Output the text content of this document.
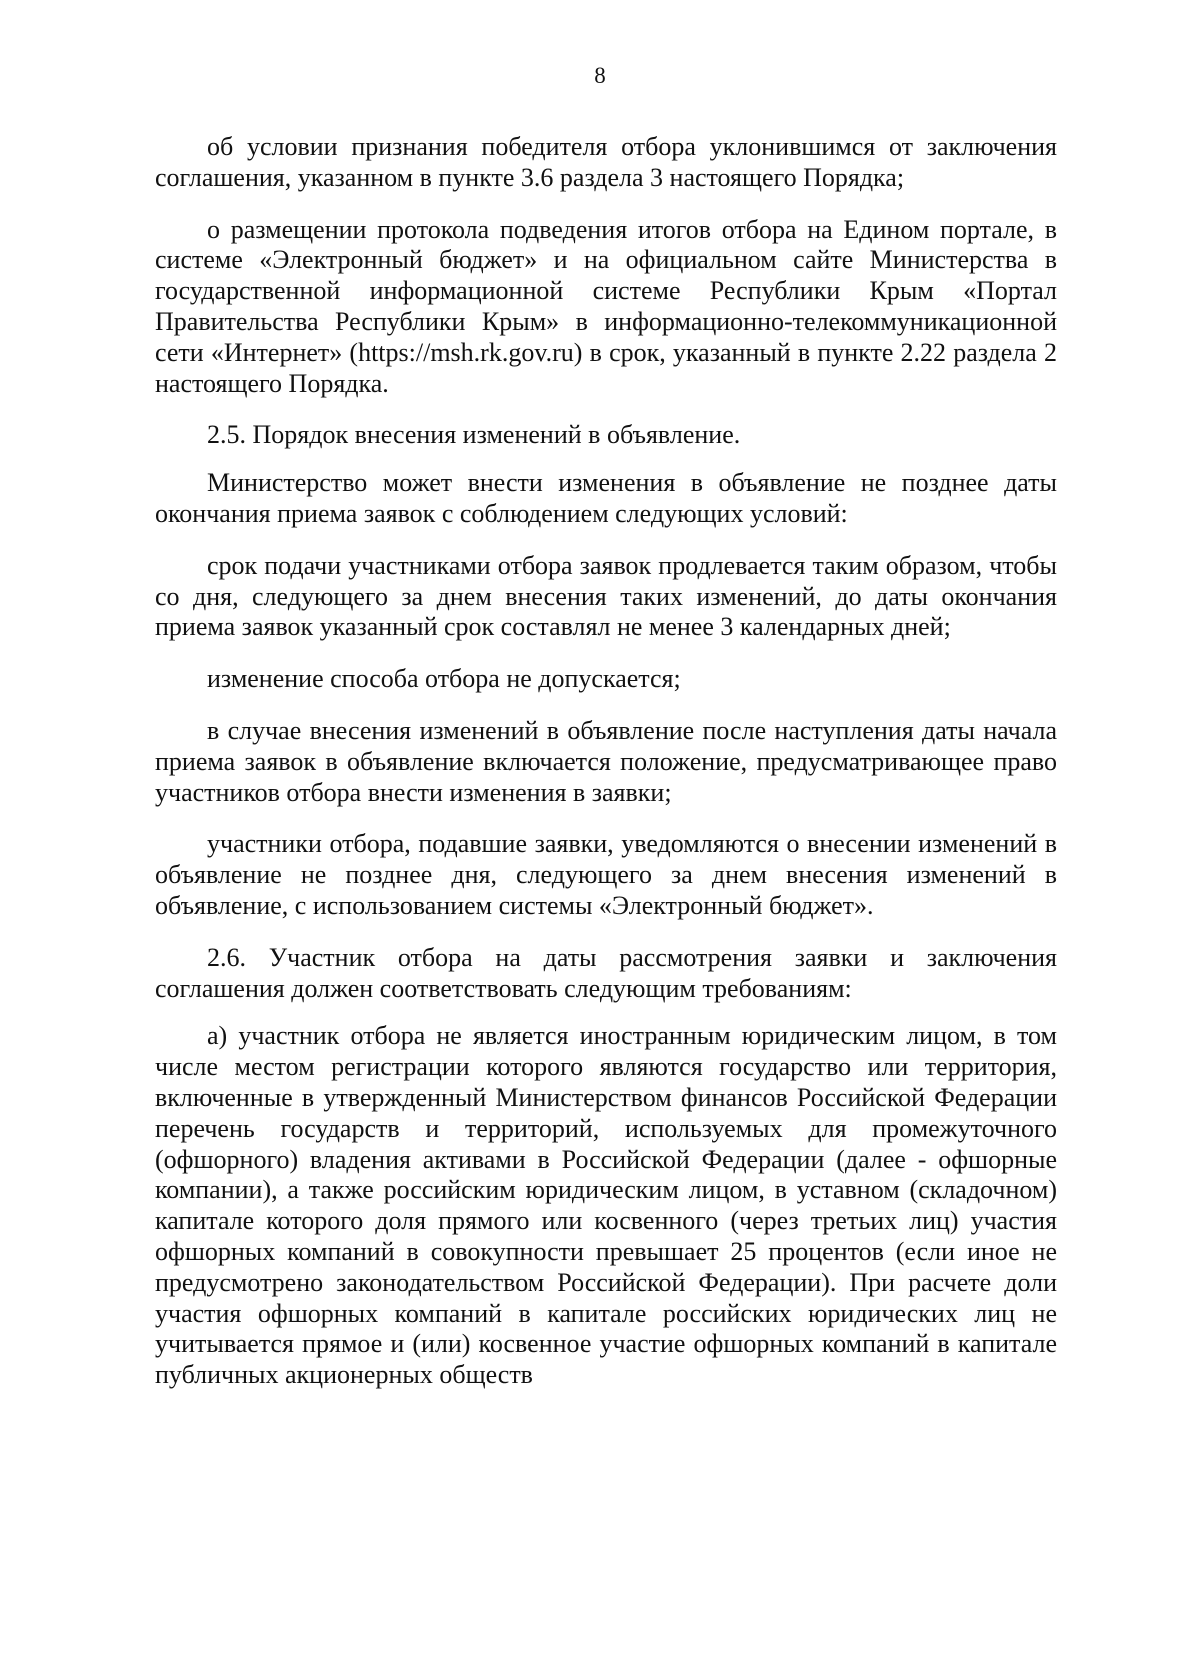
8

об условии признания победителя отбора уклонившимся от заключения соглашения, указанном в пункте 3.6 раздела 3 настоящего Порядка;

о размещении протокола подведения итогов отбора на Едином портале, в системе «Электронный бюджет» и на официальном сайте Министерства в государственной информационной системе Республики Крым «Портал Правительства Республики Крым» в информационно-телекоммуникационной сети «Интернет» (https://msh.rk.gov.ru) в срок, указанный в пункте 2.22 раздела 2 настоящего Порядка.

2.5. Порядок внесения изменений в объявление.

Министерство может внести изменения в объявление не позднее даты окончания приема заявок с соблюдением следующих условий:

срок подачи участниками отбора заявок продлевается таким образом, чтобы со дня, следующего за днем внесения таких изменений, до даты окончания приема заявок указанный срок составлял не менее 3 календарных дней;

изменение способа отбора не допускается;

в случае внесения изменений в объявление после наступления даты начала приема заявок в объявление включается положение, предусматривающее право участников отбора внести изменения в заявки;

участники отбора, подавшие заявки, уведомляются о внесении изменений в объявление не позднее дня, следующего за днем внесения изменений в объявление, с использованием системы «Электронный бюджет».

2.6. Участник отбора на даты рассмотрения заявки и заключения соглашения должен соответствовать следующим требованиям:

а) участник отбора не является иностранным юридическим лицом, в том числе местом регистрации которого являются государство или территория, включенные в утвержденный Министерством финансов Российской Федерации перечень государств и территорий, используемых для промежуточного (офшорного) владения активами в Российской Федерации (далее - офшорные компании), а также российским юридическим лицом, в уставном (складочном) капитале которого доля прямого или косвенного (через третьих лиц) участия офшорных компаний в совокупности превышает 25 процентов (если иное не предусмотрено законодательством Российской Федерации). При расчете доли участия офшорных компаний в капитале российских юридических лиц не учитывается прямое и (или) косвенное участие офшорных компаний в капитале публичных акционерных обществ
